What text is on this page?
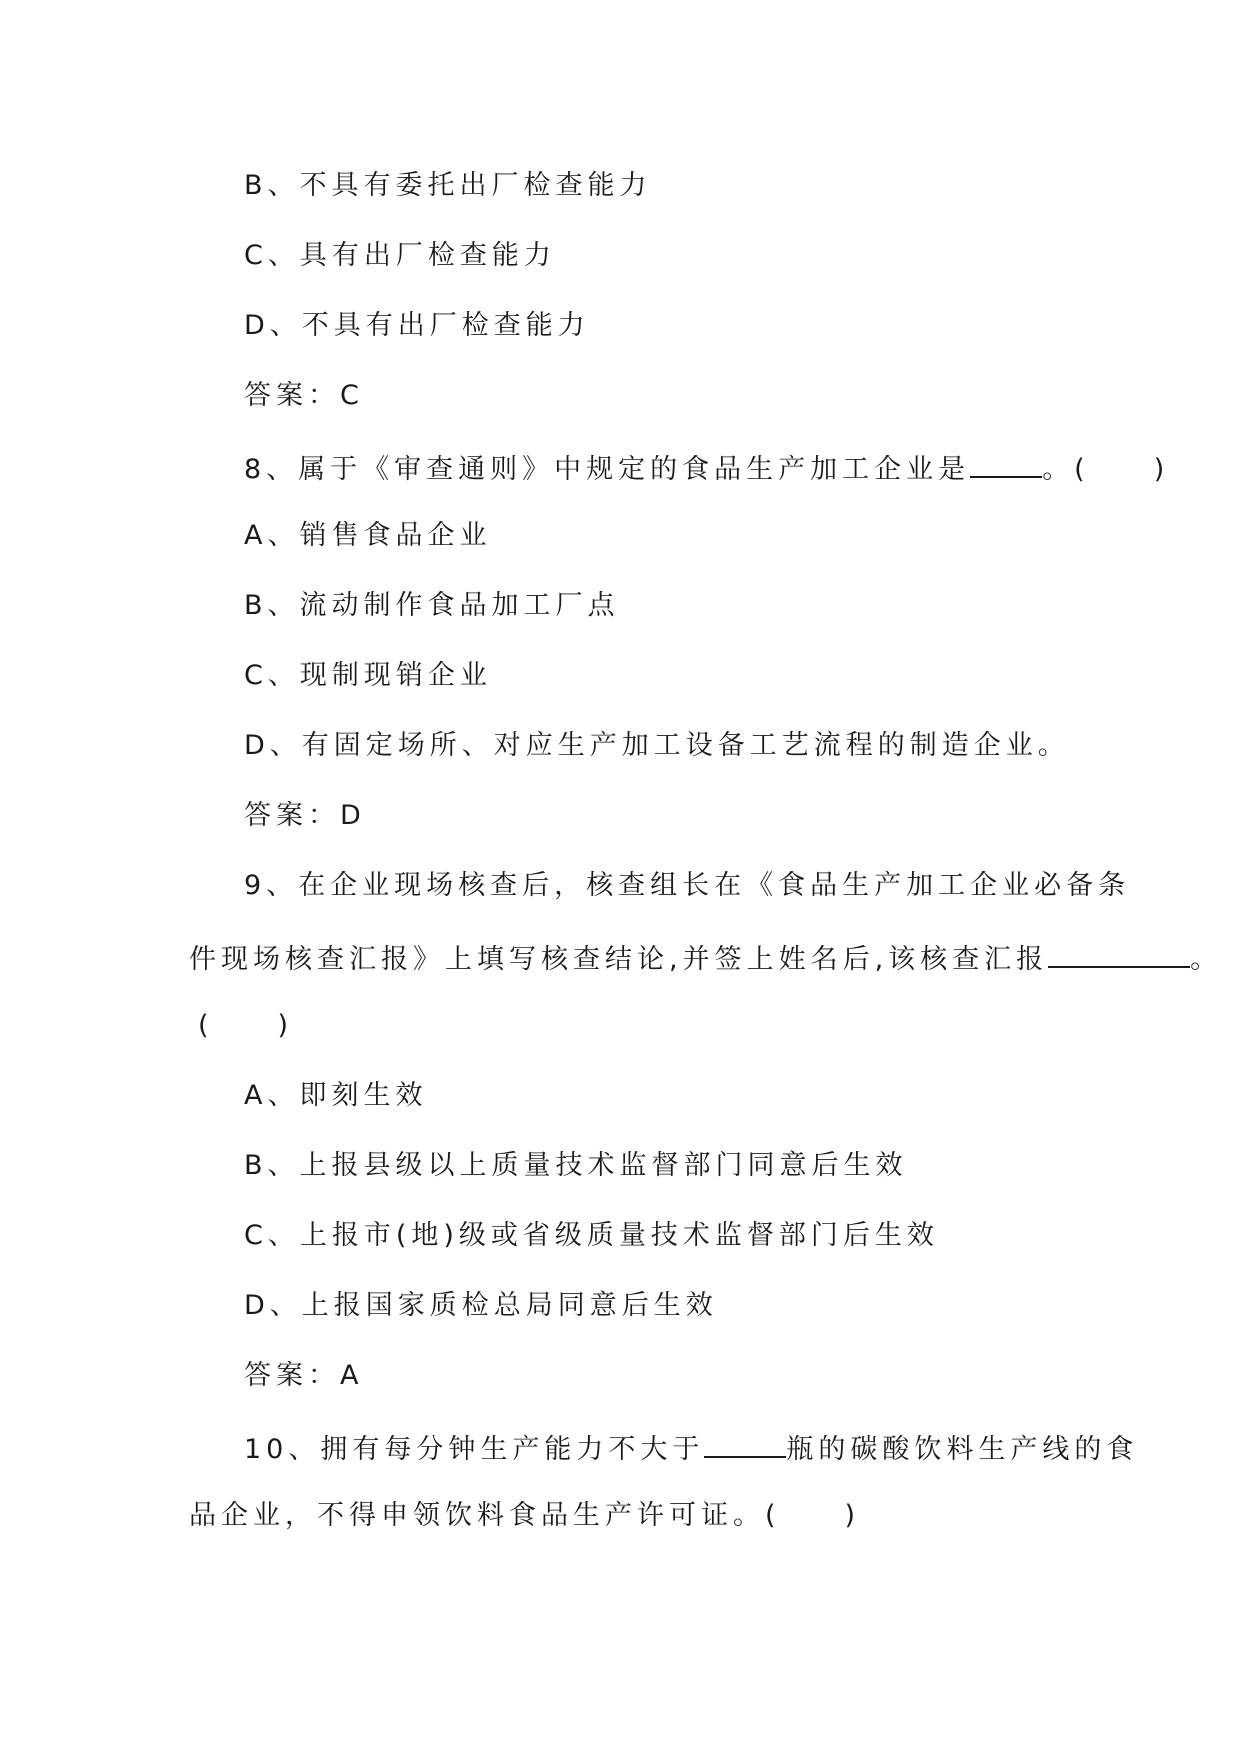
B、不具有委托出厂检查能力
C、具有出厂检查能力
D、不具有出厂检查能力
答案：C
8、属于《审查通则》中规定的食品生产加工企业是	。(　　)
A、销售食品企业
B、流动制作食品加工厂点
C、现制现销企业
D、有固定场所、对应生产加工设备工艺流程的制造企业。
答案：D
9、在企业现场核查后，核查组长在《食品生产加工企业必备条
件现场核查汇报》上填写核查结论,并签上姓名后,该核查汇报	。
(　　)
A、即刻生效
B、上报县级以上质量技术监督部门同意后生效
C、上报市(地)级或省级质量技术监督部门后生效
D、上报国家质检总局同意后生效
答案：A
10、拥有每分钟生产能力不大于	瓶的碳酸饮料生产线的食
品企业，不得申领饮料食品生产许可证。(　　)
